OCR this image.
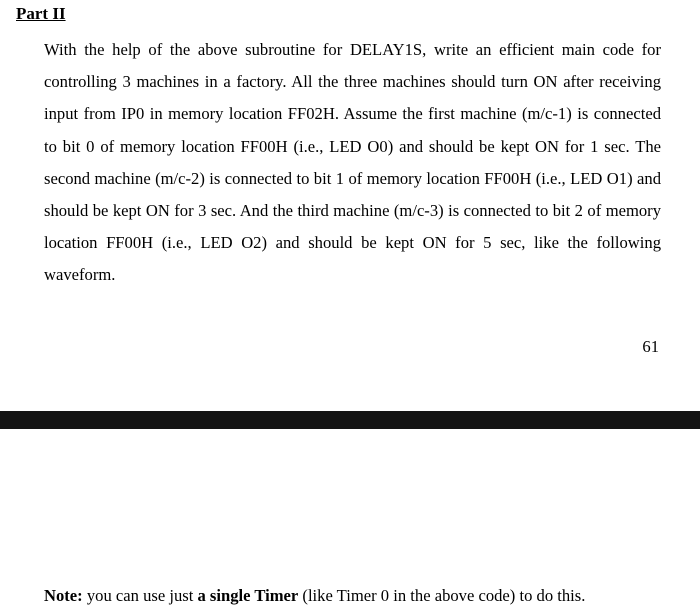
Part II

With the help of the above subroutine for DELAY1S, write an efficient main code for controlling 3 machines in a factory. All the three machines should turn ON after receiving input from IP0 in memory location FF02H. Assume the first machine (m/c-1) is connected to bit 0 of memory location FF00H (i.e., LED O0) and should be kept ON for 1 sec. The second machine (m/c-2) is connected to bit 1 of memory location FF00H (i.e., LED O1) and should be kept ON for 3 sec. And the third machine (m/c-3) is connected to bit 2 of memory location FF00H (i.e., LED O2) and should be kept ON for 5 sec, like the following waveform.

61

Note: you can use just a single Timer (like Timer 0 in the above code) to do this.
